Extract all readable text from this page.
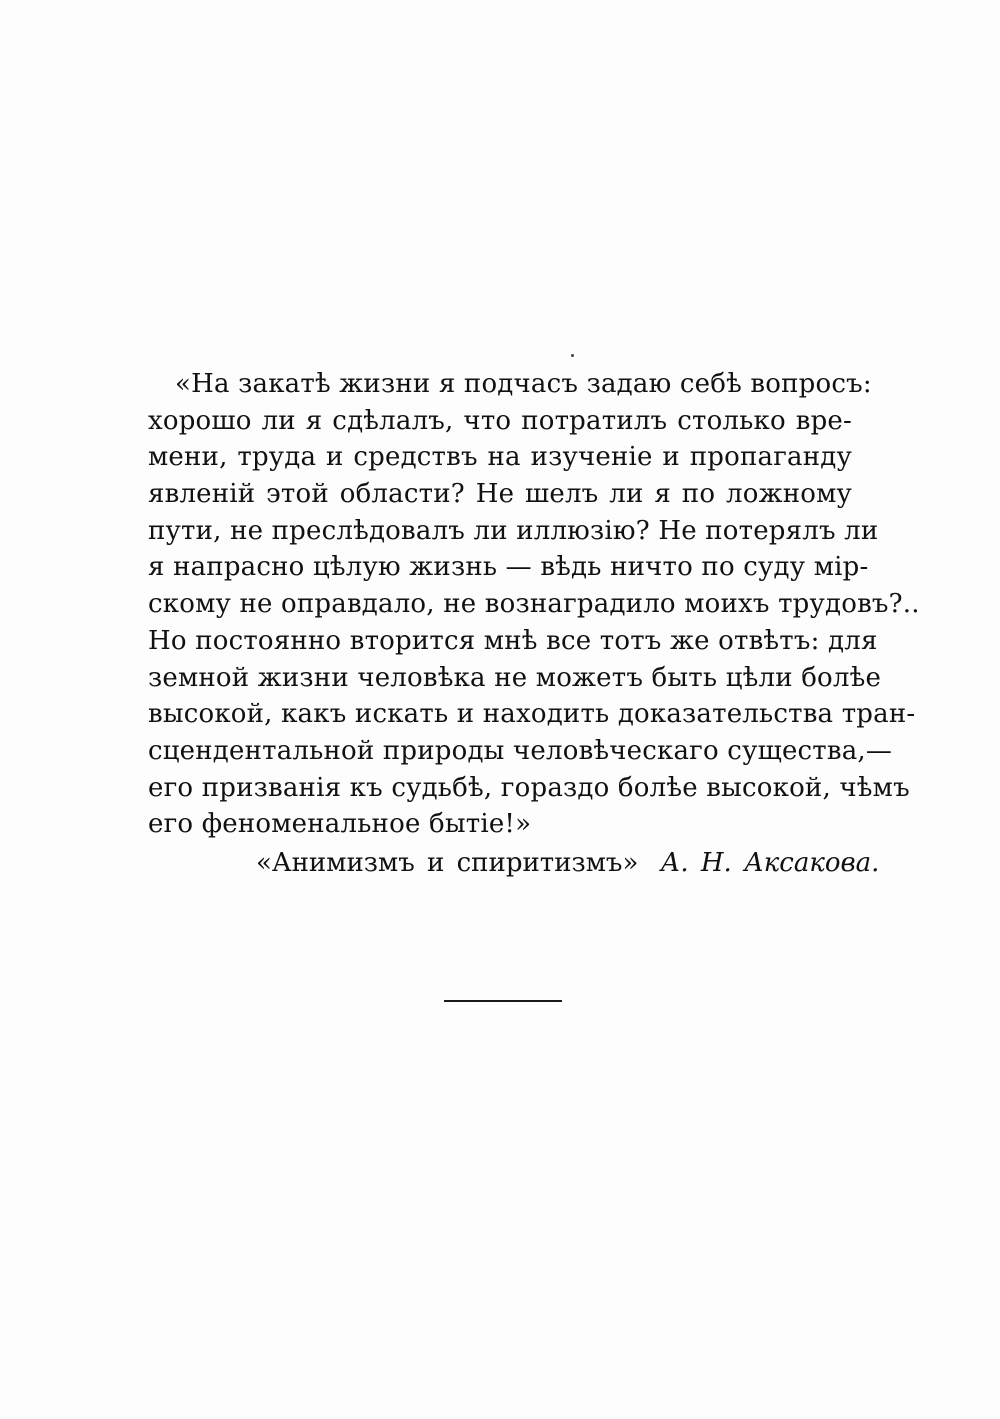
«На закатѣ жизни я подчасъ задаю себѣ вопросъ:
хорошо ли я сдѣлалъ, что потратилъ столько вре-
мени, труда и средствъ на изученіе и пропаганду
явленій этой области? Не шелъ ли я по ложному
пути, не преслѣдовалъ ли иллюзію? Не потерялъ ли
я напрасно цѣлую жизнь — вѣдь ничто по суду мір-
скому не оправдало, не вознаградило моихъ трудовъ?..
Но постоянно вторится мнѣ все тотъ же отвѣтъ: для
земной жизни человѣка не можетъ быть цѣли болѣе
высокой, какъ искать и находить доказательства тран-
сцендентальной природы человѣческаго существа,—
его призванія къ судьбѣ, гораздо болѣе высокой, чѣмъ
его феноменальное бытіе!»
«Анимизмъ и спиритизмъ» А. Н. Аксакова.
